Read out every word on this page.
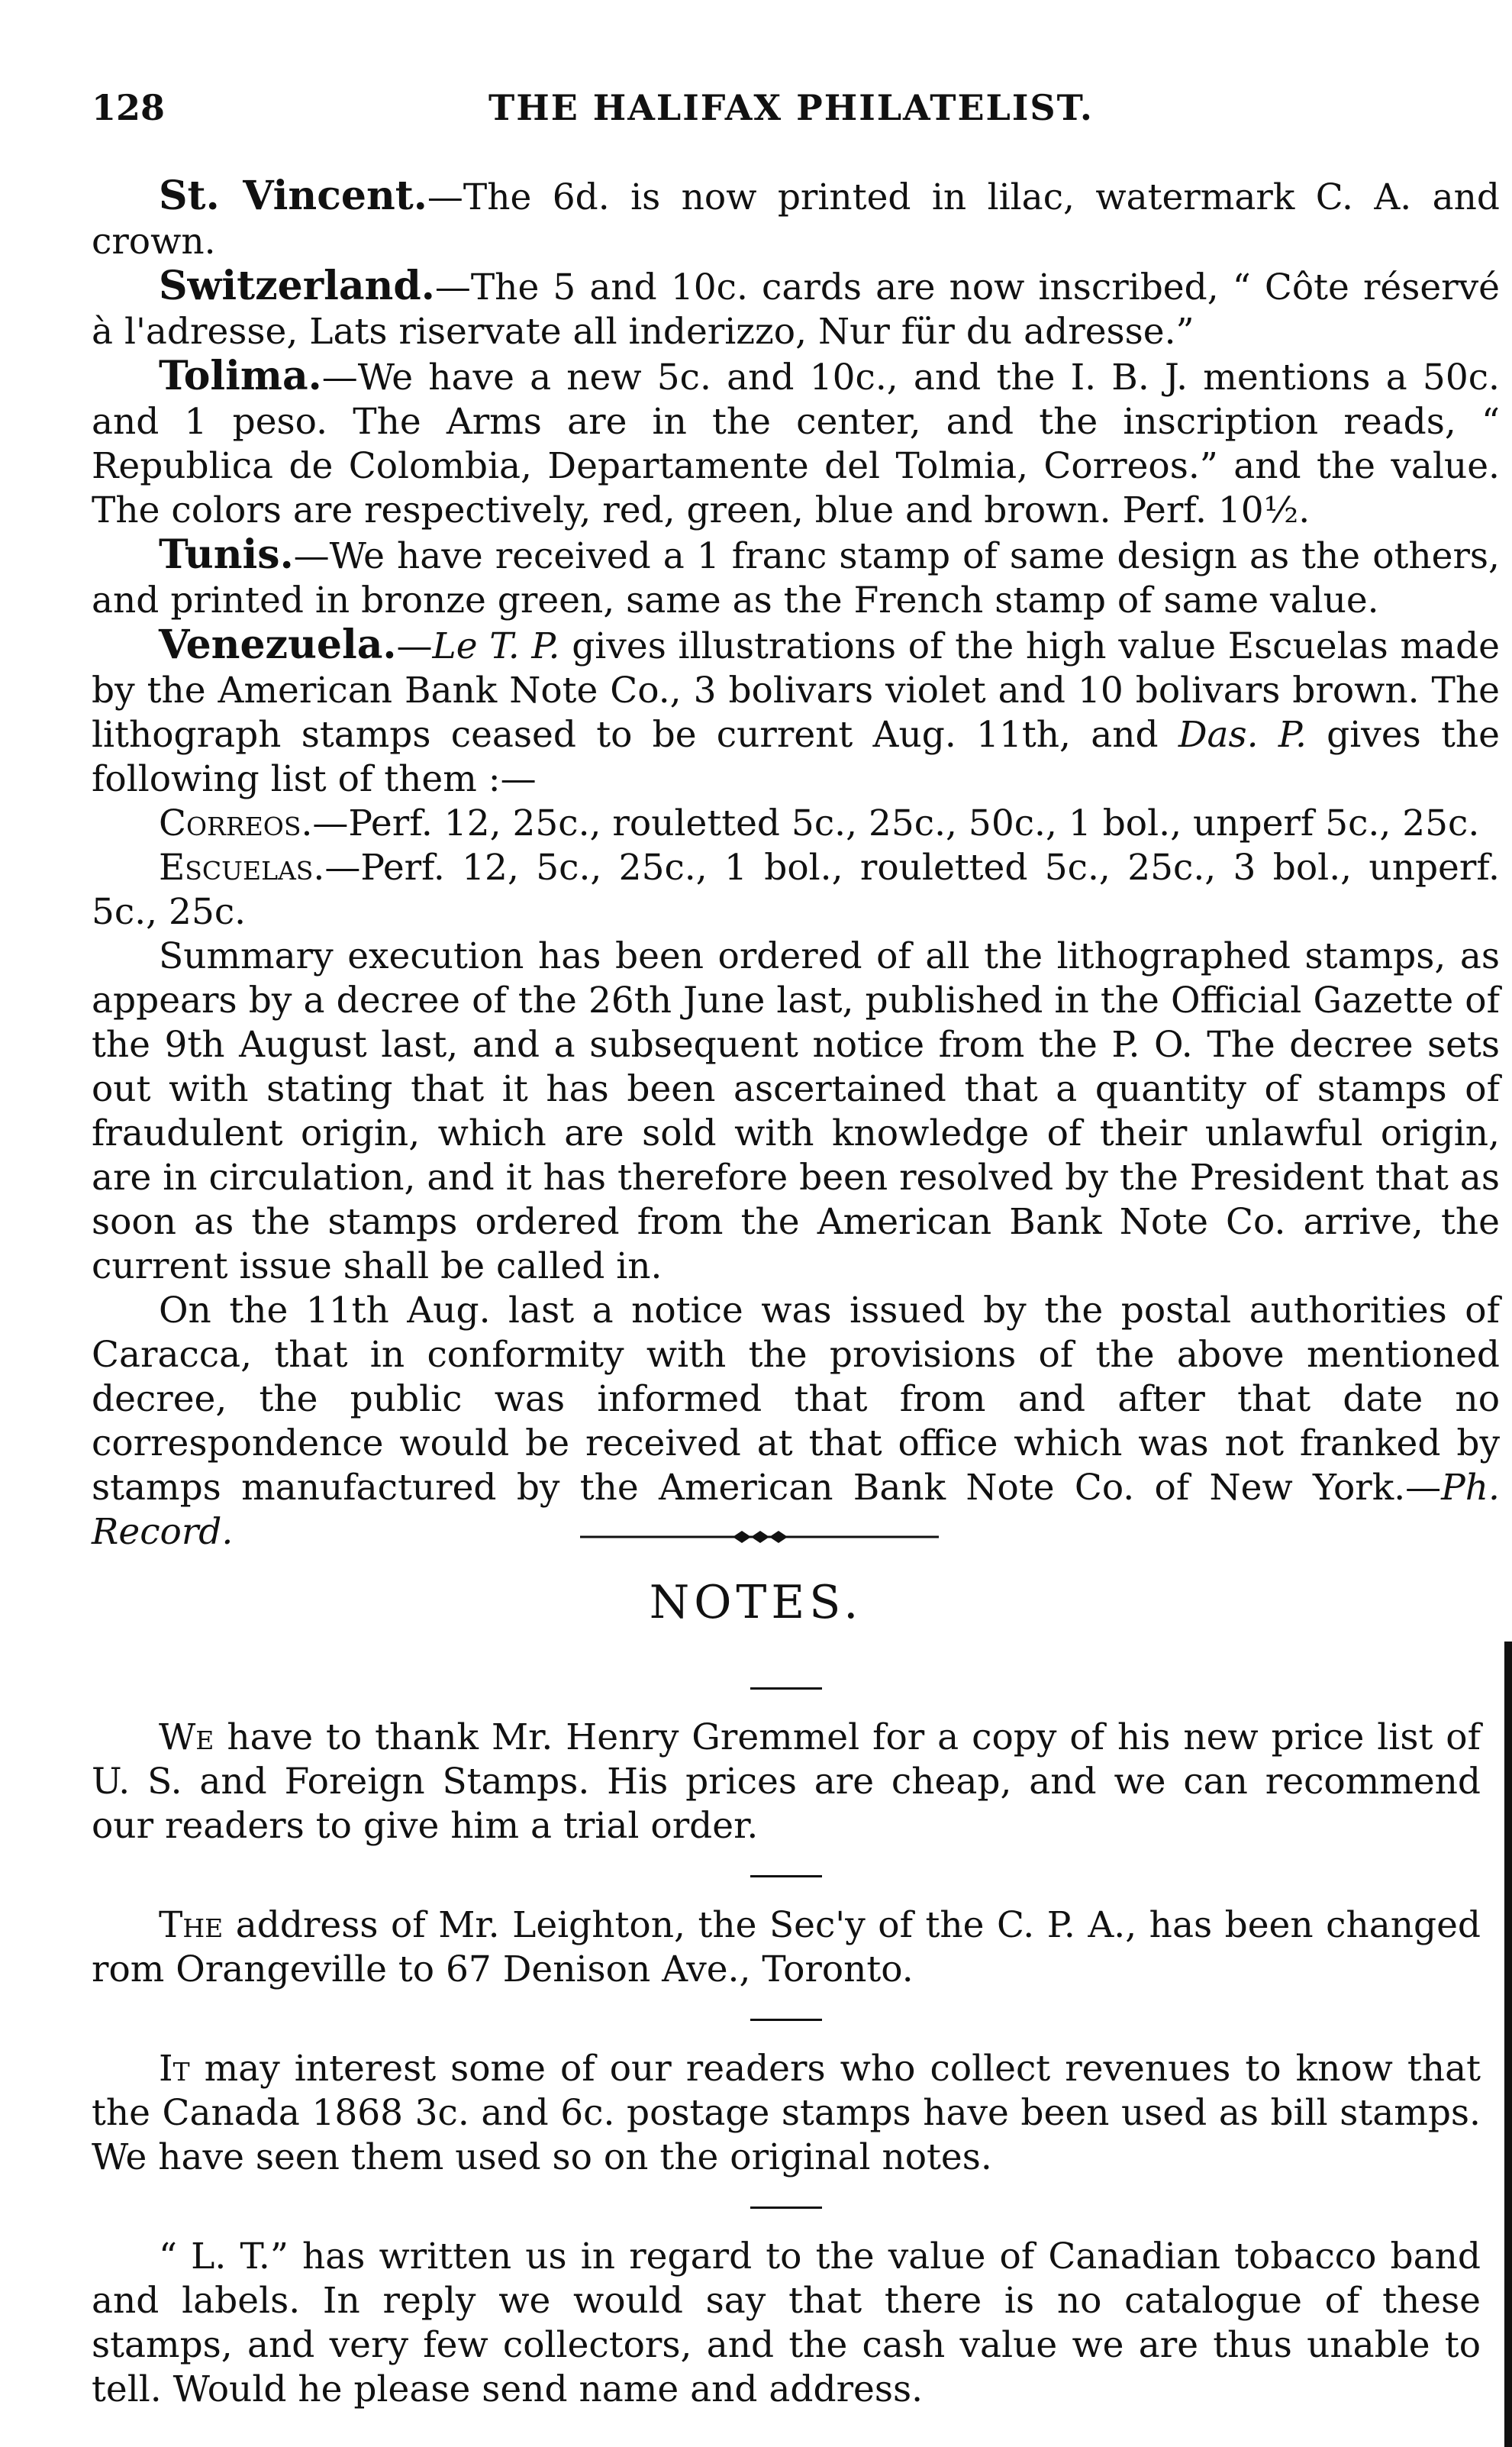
128	THE HALIFAX PHILATELIST.

St. Vincent.—The 6d. is now printed in lilac, watermark C. A. and crown.

Switzerland.—The 5 and 10c. cards are now inscribed, “ Côte réservé à l'adresse, Lats riservate all inderizzo, Nur für du adresse.”

Tolima.—We have a new 5c. and 10c., and the I. B. J. mentions a 50c. and 1 peso. The Arms are in the center, and the inscription reads, “ Republica de Colombia, Departamente del Tolmia, Correos.” and the value. The colors are respectively, red, green, blue and brown. Perf. 10½.

Tunis.—We have received a 1 franc stamp of same design as the others, and printed in bronze green, same as the French stamp of same value.

Venezuela.—Le T. P. gives illustrations of the high value Escuelas made by the American Bank Note Co., 3 bolivars violet and 10 bolivars brown. The lithograph stamps ceased to be current Aug. 11th, and Das. P. gives the following list of them :—

Correos.—Perf. 12, 25c., rouletted 5c., 25c., 50c., 1 bol., unperf 5c., 25c.

Escuelas.—Perf. 12, 5c., 25c., 1 bol., rouletted 5c., 25c., 3 bol., unperf. 5c., 25c.

Summary execution has been ordered of all the lithographed stamps, as appears by a decree of the 26th June last, published in the Official Gazette of the 9th August last, and a subsequent notice from the P. O. The decree sets out with stating that it has been ascertained that a quantity of stamps of fraudulent origin, which are sold with knowledge of their unlawful origin, are in circulation, and it has therefore been resolved by the President that as soon as the stamps ordered from the American Bank Note Co. arrive, the current issue shall be called in.

On the 11th Aug. last a notice was issued by the postal authorities of Caracca, that in conformity with the provisions of the above mentioned decree, the public was informed that from and after that date no correspondence would be received at that office which was not franked by stamps manufactured by the American Bank Note Co. of New York.—Ph. Record.

NOTES.

We have to thank Mr. Henry Gremmel for a copy of his new price list of U. S. and Foreign Stamps. His prices are cheap, and we can recommend our readers to give him a trial order.

The address of Mr. Leighton, the Sec'y of the C. P. A., has been changed rom Orangeville to 67 Denison Ave., Toronto.

It may interest some of our readers who collect revenues to know that the Canada 1868 3c. and 6c. postage stamps have been used as bill stamps. We have seen them used so on the original notes.

“ L. T.” has written us in regard to the value of Canadian tobacco band and labels. In reply we would say that there is no catalogue of these stamps, and very few collectors, and the cash value we are thus unable to tell. Would he please send name and address.
